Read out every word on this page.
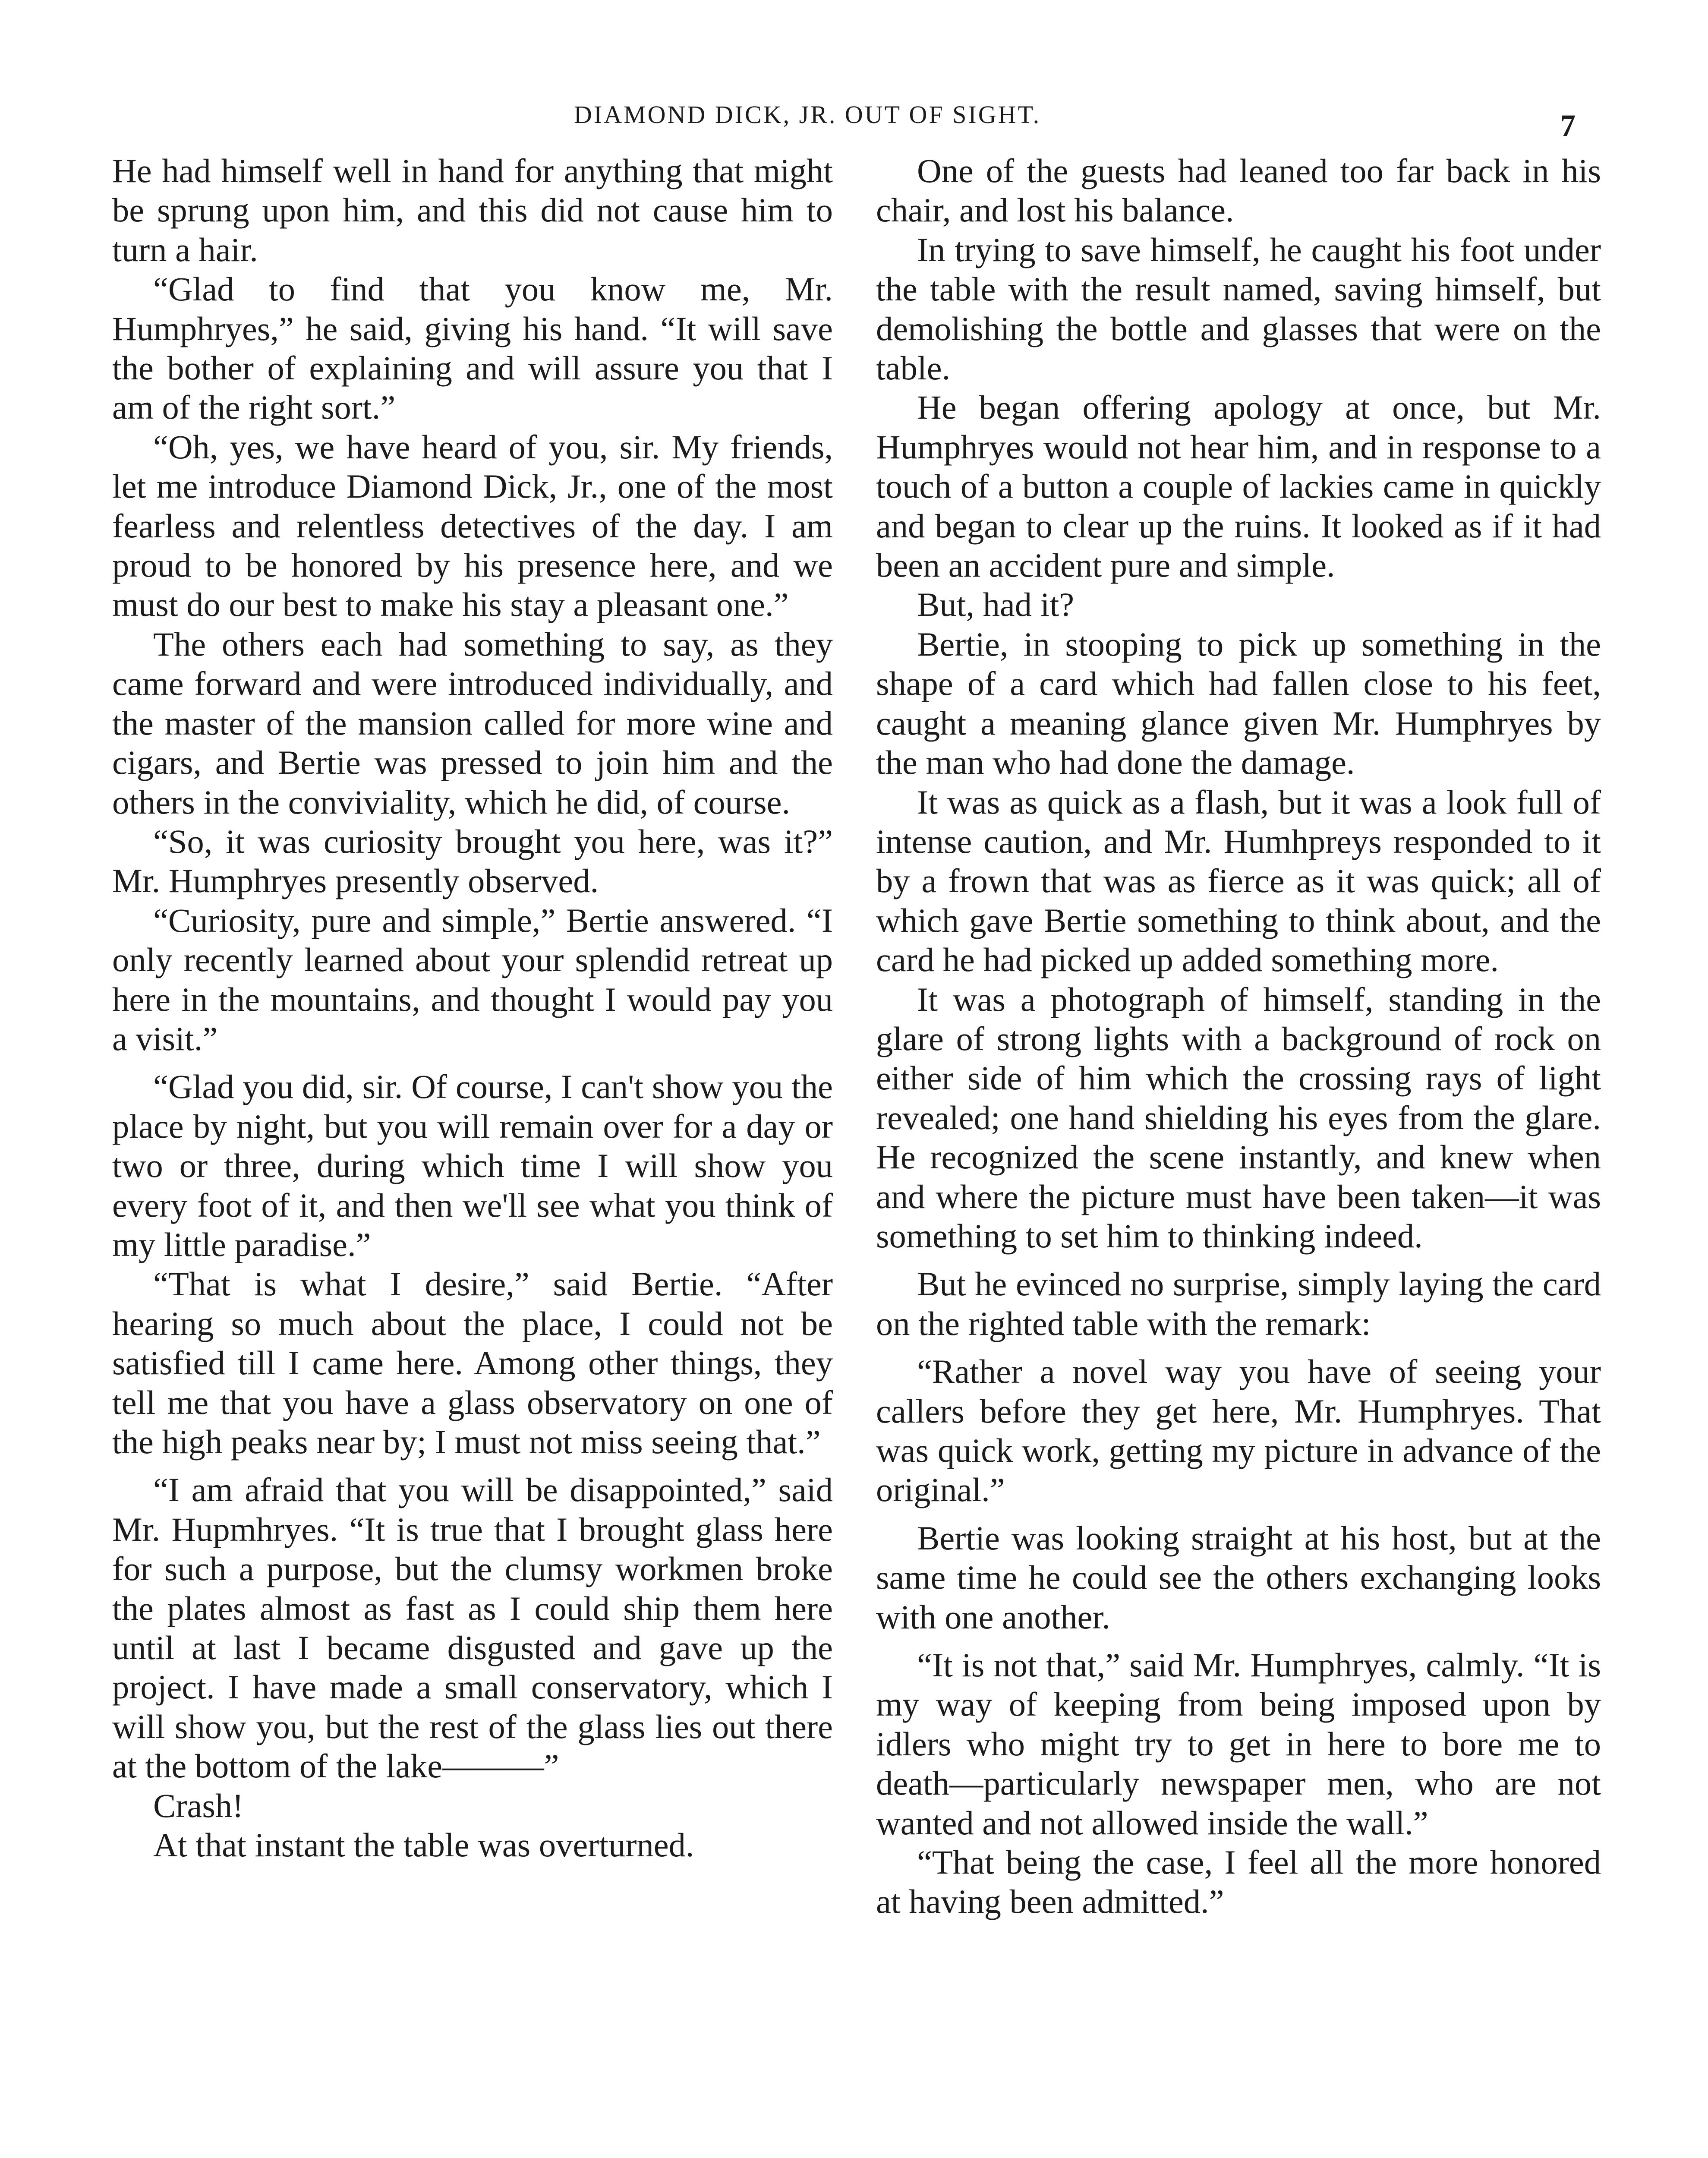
DIAMOND DICK, JR. OUT OF SIGHT.	7

He had himself well in hand for anything that might be sprung upon him, and this did not cause him to turn a hair.

“Glad to find that you know me, Mr. Humphryes,” he said, giving his hand. “It will save the bother of explaining and will assure you that I am of the right sort.”

“Oh, yes, we have heard of you, sir. My friends, let me introduce Diamond Dick, Jr., one of the most fearless and relentless detectives of the day. I am proud to be honored by his presence here, and we must do our best to make his stay a pleasant one.”

The others each had something to say, as they came forward and were introduced individually, and the master of the mansion called for more wine and cigars, and Bertie was pressed to join him and the others in the conviviality, which he did, of course.

“So, it was curiosity brought you here, was it?” Mr. Humphryes presently observed.

“Curiosity, pure and simple,” Bertie answered. “I only recently learned about your splendid retreat up here in the mountains, and thought I would pay you a visit.”

“Glad you did, sir. Of course, I can't show you the place by night, but you will remain over for a day or two or three, during which time I will show you every foot of it, and then we'll see what you think of my little paradise.”

“That is what I desire,” said Bertie. “After hearing so much about the place, I could not be satisfied till I came here. Among other things, they tell me that you have a glass observatory on one of the high peaks near by; I must not miss seeing that.”

“I am afraid that you will be disappointed,” said Mr. Hupmhryes. “It is true that I brought glass here for such a purpose, but the clumsy workmen broke the plates almost as fast as I could ship them here until at last I became disgusted and gave up the project. I have made a small conservatory, which I will show you, but the rest of the glass lies out there at the bottom of the lake———”

Crash!

At that instant the table was overturned.

One of the guests had leaned too far back in his chair, and lost his balance.

In trying to save himself, he caught his foot under the table with the result named, saving himself, but demolishing the bottle and glasses that were on the table.

He began offering apology at once, but Mr. Humphryes would not hear him, and in response to a touch of a button a couple of lackies came in quickly and began to clear up the ruins. It looked as if it had been an accident pure and simple.

But, had it?

Bertie, in stooping to pick up something in the shape of a card which had fallen close to his feet, caught a meaning glance given Mr. Humphryes by the man who had done the damage.

It was as quick as a flash, but it was a look full of intense caution, and Mr. Humhpreys responded to it by a frown that was as fierce as it was quick; all of which gave Bertie something to think about, and the card he had picked up added something more.

It was a photograph of himself, standing in the glare of strong lights with a background of rock on either side of him which the crossing rays of light revealed; one hand shielding his eyes from the glare. He recognized the scene instantly, and knew when and where the picture must have been taken—it was something to set him to thinking indeed.

But he evinced no surprise, simply laying the card on the righted table with the remark:

“Rather a novel way you have of seeing your callers before they get here, Mr. Humphryes. That was quick work, getting my picture in advance of the original.”

Bertie was looking straight at his host, but at the same time he could see the others exchanging looks with one another.

“It is not that,” said Mr. Humphryes, calmly. “It is my way of keeping from being imposed upon by idlers who might try to get in here to bore me to death—particularly newspaper men, who are not wanted and not allowed inside the wall.”

“That being the case, I feel all the more honored at having been admitted.”
